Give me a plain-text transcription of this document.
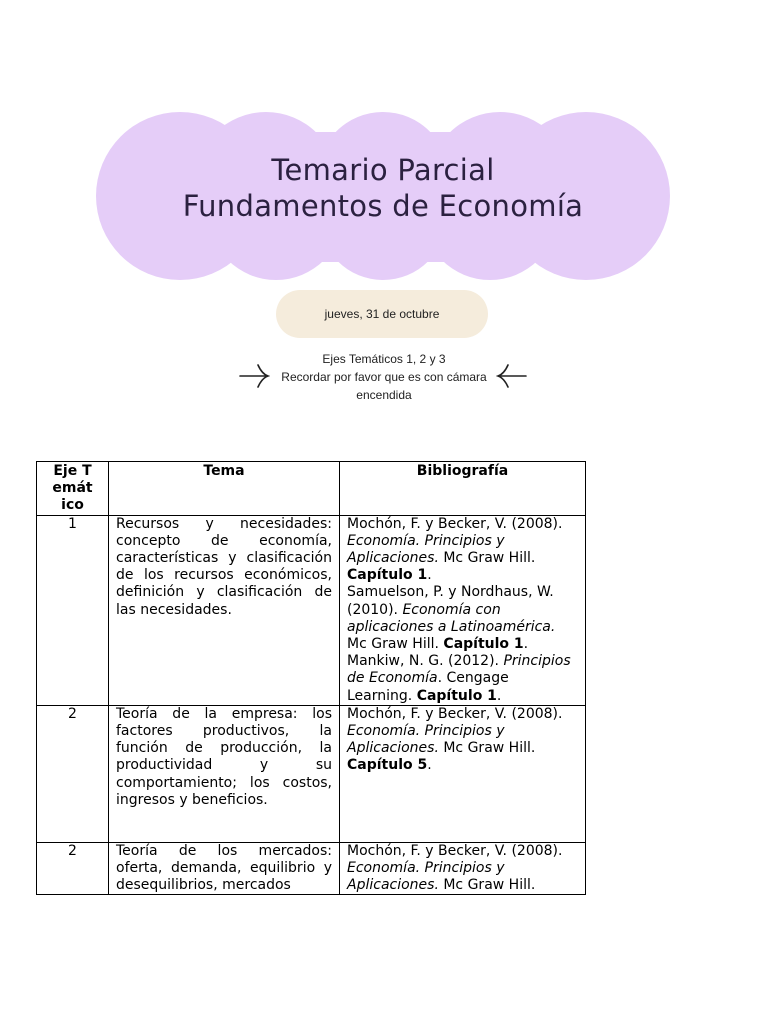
Temario Parcial
Fundamentos de Economía
jueves, 31 de octubre
Ejes Temáticos 1, 2 y 3
Recordar por favor que es con cámara
encendida
Eje Temático	Tema	Bibliografía
1	Recursos y necesidades: concepto de economía, características y clasificación de los recursos económicos, definición y clasificación de las necesidades.	Mochón, F. y Becker, V. (2008). Economía. Principios y Aplicaciones. Mc Graw Hill. Capítulo 1.
Samuelson, P. y Nordhaus, W. (2010). Economía con aplicaciones a Latinoamérica. Mc Graw Hill. Capítulo 1.
Mankiw, N. G. (2012). Principios de Economía. Cengage Learning. Capítulo 1.

2	Teoría de la empresa: los factores productivos, la función de producción, la productividad y su comportamiento; los costos, ingresos y beneficios.	Mochón, F. y Becker, V. (2008). Economía. Principios y Aplicaciones. Mc Graw Hill. Capítulo 5.

2	Teoría de los mercados: oferta, demanda, equilibrio y desequilibrios, mercados	Mochón, F. y Becker, V. (2008). Economía. Principios y Aplicaciones. Mc Graw Hill.
